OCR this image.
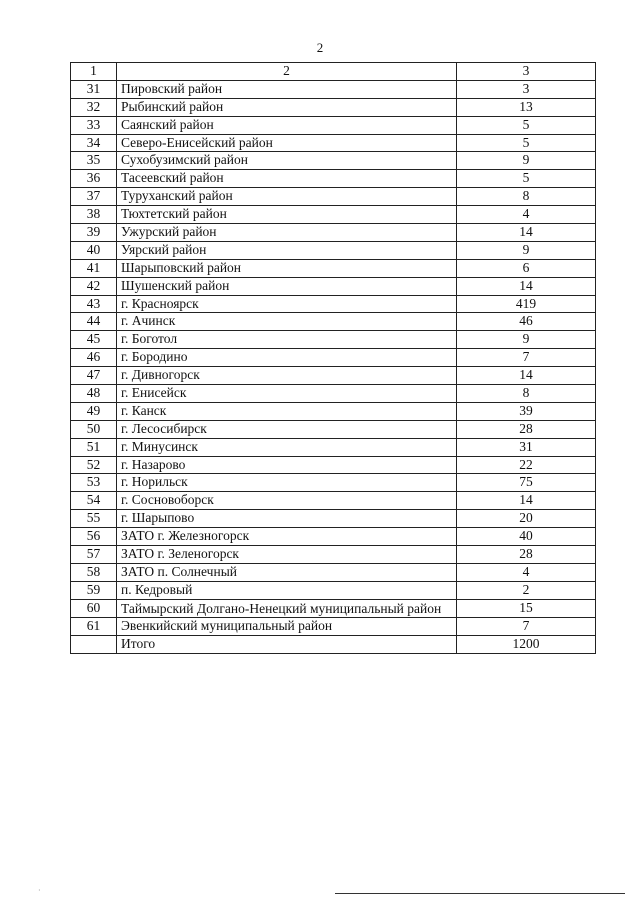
2
1	2	3
31	Пировский район	3
32	Рыбинский район	13
33	Саянский район	5
34	Северо-Енисейский район	5
35	Сухобузимский район	9
36	Тасеевский район	5
37	Туруханский район	8
38	Тюхтетский район	4
39	Ужурский район	14
40	Уярский район	9
41	Шарыповский район	6
42	Шушенский район	14
43	г. Красноярск	419
44	г. Ачинск	46
45	г. Боготол	9
46	г. Бородино	7
47	г. Дивногорск	14
48	г. Енисейск	8
49	г. Канск	39
50	г. Лесосибирск	28
51	г. Минусинск	31
52	г. Назарово	22
53	г. Норильск	75
54	г. Сосновоборск	14
55	г. Шарыпово	20
56	ЗАТО г. Железногорск	40
57	ЗАТО г. Зеленогорск	28
58	ЗАТО п. Солнечный	4
59	п. Кедровый	2
60	Таймырский Долгано-Ненецкий муниципальный район	15
61	Эвенкийский муниципальный район	7
	Итого	1200
·
